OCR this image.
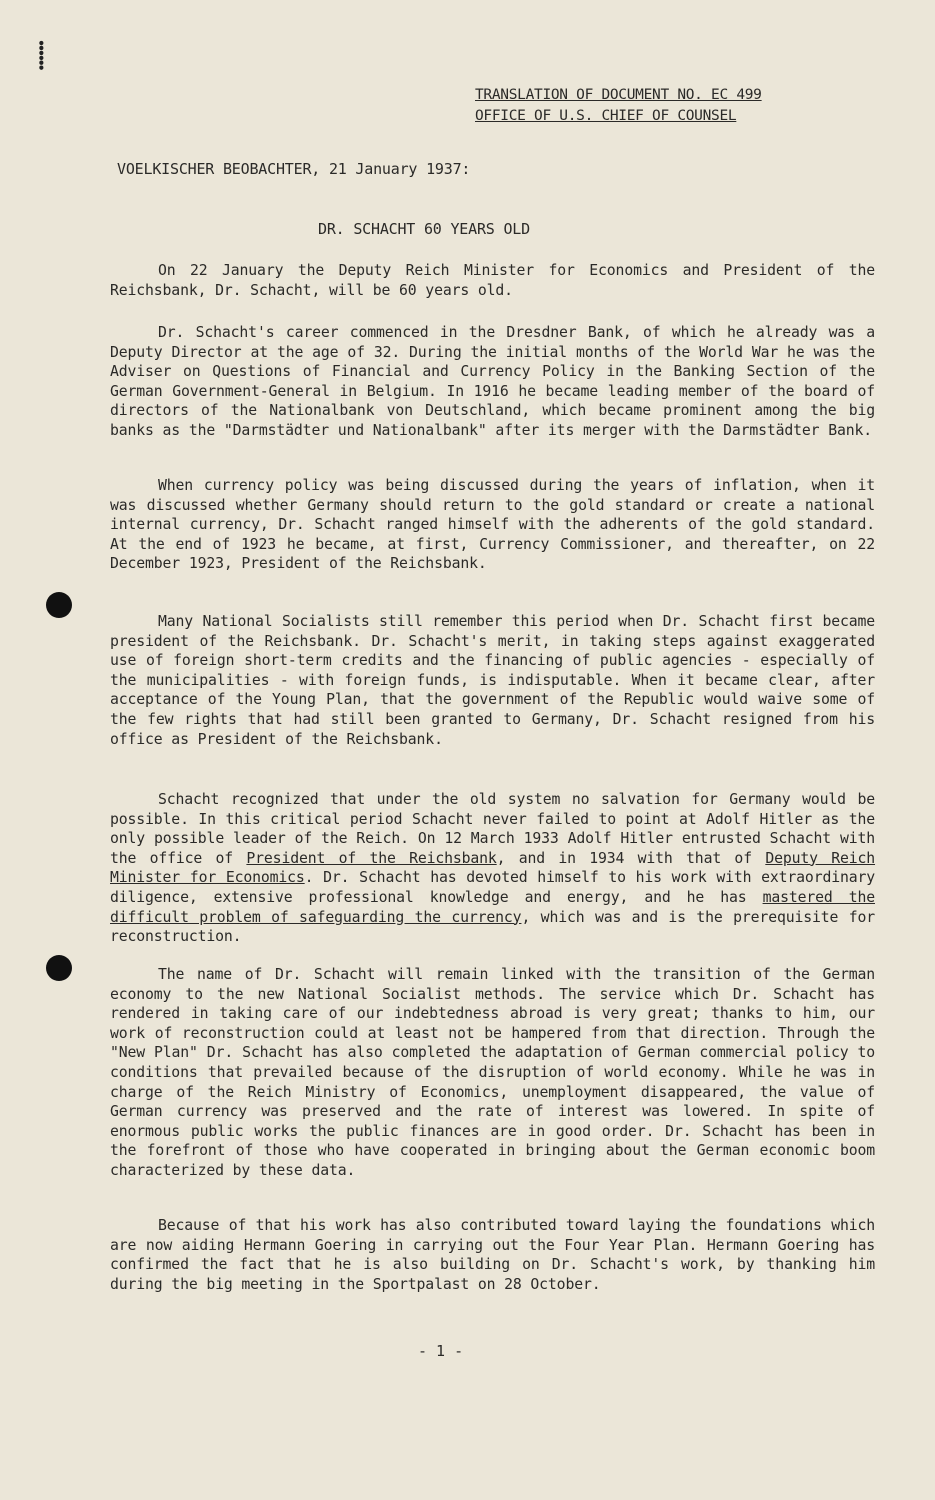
⸽
TRANSLATION OF DOCUMENT NO. EC 499
OFFICE OF U.S. CHIEF OF COUNSEL
VOELKISCHER BEOBACHTER, 21 January 1937:
DR. SCHACHT 60 YEARS OLD

On 22 January the Deputy Reich Minister for Economics and President of the Reichsbank, Dr. Schacht, will be 60 years old.

Dr. Schacht's career commenced in the Dresdner Bank, of which he already was a Deputy Director at the age of 32. During the initial months of the World War he was the Adviser on Questions of Financial and Currency Policy in the Banking Section of the German Government-General in Belgium. In 1916 he became leading member of the board of directors of the Nationalbank von Deutschland, which became prominent among the big banks as the "Darmstädter und Nationalbank" after its merger with the Darmstädter Bank.

When currency policy was being discussed during the years of inflation, when it was discussed whether Germany should return to the gold standard or create a national internal currency, Dr. Schacht ranged himself with the adherents of the gold standard. At the end of 1923 he became, at first, Currency Commissioner, and thereafter, on 22 December 1923, President of the Reichsbank.

Many National Socialists still remember this period when Dr. Schacht first became president of the Reichsbank. Dr. Schacht's merit, in taking steps against exaggerated use of foreign short-term credits and the financing of public agencies - especially of the municipalities - with foreign funds, is indisputable. When it became clear, after acceptance of the Young Plan, that the government of the Republic would waive some of the few rights that had still been granted to Germany, Dr. Schacht resigned from his office as President of the Reichsbank.

Schacht recognized that under the old system no salvation for Germany would be possible. In this critical period Schacht never failed to point at Adolf Hitler as the only possible leader of the Reich. On 12 March 1933 Adolf Hitler entrusted Schacht with the office of President of the Reichsbank, and in 1934 with that of Deputy Reich Minister for Economics. Dr. Schacht has devoted himself to his work with extraordinary diligence, extensive professional knowledge and energy, and he has mastered the difficult problem of safeguarding the currency, which was and is the prerequisite for reconstruction.

The name of Dr. Schacht will remain linked with the transition of the German economy to the new National Socialist methods. The service which Dr. Schacht has rendered in taking care of our indebtedness abroad is very great; thanks to him, our work of reconstruction could at least not be hampered from that direction. Through the "New Plan" Dr. Schacht has also completed the adaptation of German commercial policy to conditions that prevailed because of the disruption of world economy. While he was in charge of the Reich Ministry of Economics, unemployment disappeared, the value of German currency was preserved and the rate of interest was lowered. In spite of enormous public works the public finances are in good order. Dr. Schacht has been in the forefront of those who have cooperated in bringing about the German economic boom characterized by these data.

Because of that his work has also contributed toward laying the foundations which are now aiding Hermann Goering in carrying out the Four Year Plan. Hermann Goering has confirmed the fact that he is also building on Dr. Schacht's work, by thanking him during the big meeting in the Sportpalast on 28 October.

- 1 -
